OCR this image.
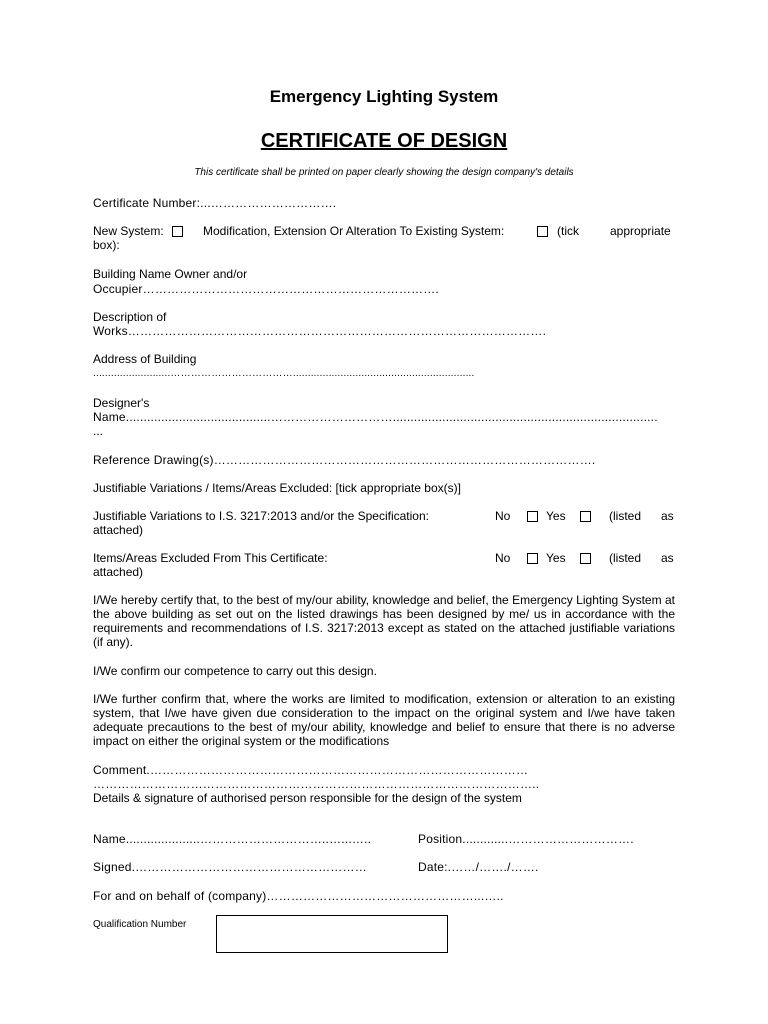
Emergency Lighting System
CERTIFICATE OF DESIGN
This certificate shall be printed on paper clearly showing the design company's details
Certificate Number:...………………………….
New System:	Modification, Extension Or Alteration To Existing System:	(tick	appropriate
box):
Building Name Owner and/or
Occupier……………………………………………………………….
Description of
Works………………………………………………………………………………………….
Address of Building
..........................……………………………….............................................................
Designer's
Name.........................................…………………………...........................................................................
...
Reference Drawing(s)………………………………………………………………………………….
Justifiable Variations / Items/Areas Excluded: [tick appropriate box(s)]
Justifiable Variations to I.S. 3217:2013 and/or the Specification:	No	Yes	(listed as
attached)
Items/Areas Excluded From This Certificate:	No	Yes	(listed as
attached)
I/We hereby certify that, to the best of my/our ability, knowledge and belief, the Emergency Lighting System at the above building as set out on the listed drawings has been designed by me/ us in accordance with the requirements and recommendations of I.S. 3217:2013 except as stated on the attached justifiable variations (if any).
I/We confirm our competence to carry out this design.
I/We further confirm that, where the works are limited to modification, extension or alteration to an existing system, that I/we have given due consideration to the impact on the original system and I/we have taken adequate precautions to the best of my/our ability, knowledge and belief to ensure that there is no adverse impact on either the original system or the modifications
Comment.…………………………………………………………………………………
………………………………………………………………………………………………..
Details & signature of authorised person responsible for the design of the system
Name.....................…………………………..…...…..	Position.............………………………….
Signed.…………………………………………………	Date:.……/……./…….
For and on behalf of (company)……………………………………………...…..
Qualification Number
